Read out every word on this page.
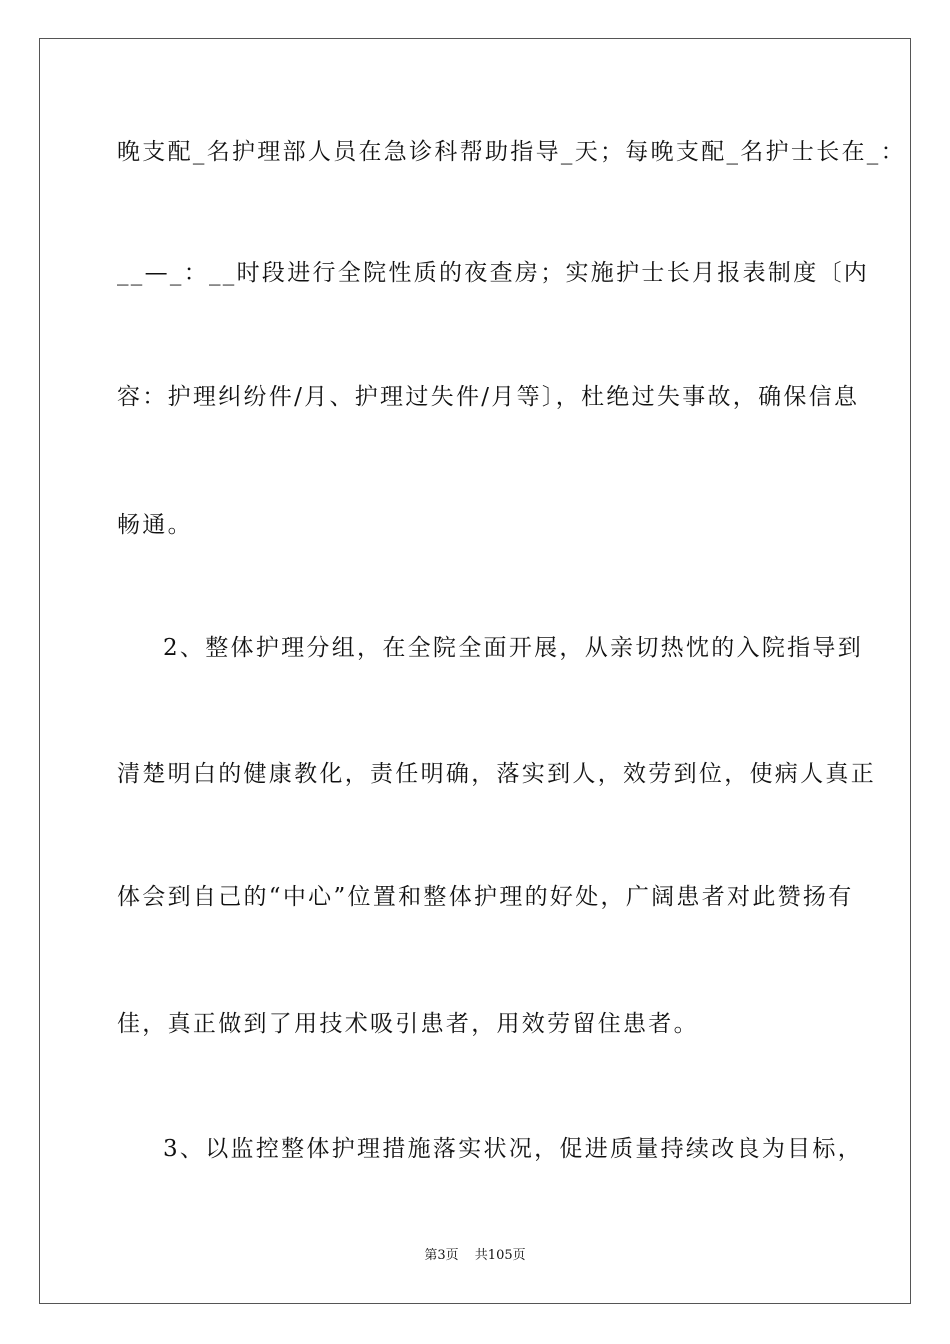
晚支配_名护理部人员在急诊科帮助指导_天；每晚支配_名护士长在_：
__—_：__时段进行全院性质的夜查房；实施护士长月报表制度〔内
容：护理纠纷件/月、护理过失件/月等〕，杜绝过失事故，确保信息
畅通。
2、整体护理分组，在全院全面开展，从亲切热忱的入院指导到
清楚明白的健康教化，责任明确，落实到人，效劳到位，使病人真正
体会到自己的“中心”位置和整体护理的好处，广阔患者对此赞扬有
佳，真正做到了用技术吸引患者，用效劳留住患者。
3、以监控整体护理措施落实状况，促进质量持续改良为目标，
第3页 共105页
